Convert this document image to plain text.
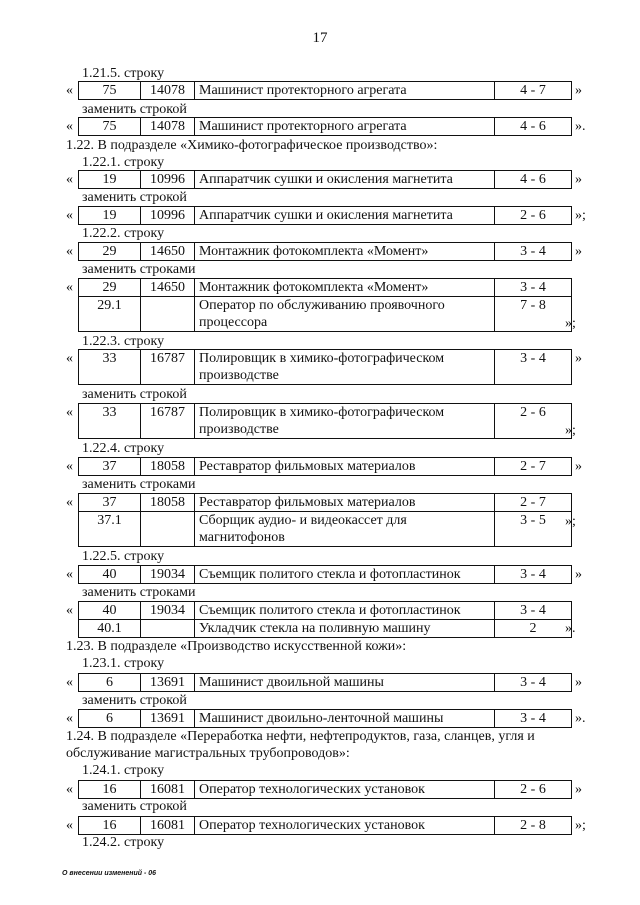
17
1.21.5. строку
« 75	14078	Машинист протекторного агрегата	4 - 7 »
заменить строкой
« 75	14078	Машинист протекторного агрегата	4 - 6 ».
1.22. В подразделе «Химико-фотографическое производство»:
1.22.1. строку
« 19	10996	Аппаратчик сушки и окисления магнетита	4 - 6 »
заменить строкой
« 19	10996	Аппаратчик сушки и окисления магнетита	2 - 6 »;
1.22.2. строку
« 29	14650	Монтажник фотокомплекта «Момент»	3 - 4 »
заменить строками
« 29	14650	Монтажник фотокомплекта «Момент»	3 - 4
29.1		Оператор по обслуживанию проявочного	7 - 8
		процессора		»;
1.22.3. строку
« 33	16787	Полировщик в химико-фотографическом	3 - 4
		производстве	
»
заменить строкой
« 33	16787	Полировщик в химико-фотографическом	2 - 6
		производстве		»;
1.22.4. строку
« 37	18058	Реставратор фильмовых материалов	2 - 7 »
заменить строками
« 37	18058	Реставратор фильмовых материалов	2 - 7
37.1		Сборщик аудио- и видеокассет для	3 - 5
		магнитофонов	
»;
1.22.5. строку
« 40	19034	Съемщик политого стекла и фотопластинок	3 - 4 »
заменить строками
« 40	19034	Съемщик политого стекла и фотопластинок	3 - 4
40.1		Укладчик стекла на поливную машину	2 ».
1.23. В подразделе «Производство искусственной кожи»:
1.23.1. строку
« 6	13691	Машинист двоильной машины	3 - 4 »
заменить строкой
« 6	13691	Машинист двоильно-ленточной машины	3 - 4 ».
1.24. В подразделе «Переработка нефти, нефтепродуктов, газа, сланцев, угля и
обслуживание магистральных трубопроводов»:
1.24.1. строку
« 16	16081	Оператор технологических установок	2 - 6 »
заменить строкой
« 16	16081	Оператор технологических установок	2 - 8 »;
1.24.2. строку
О внесении изменений - 06
